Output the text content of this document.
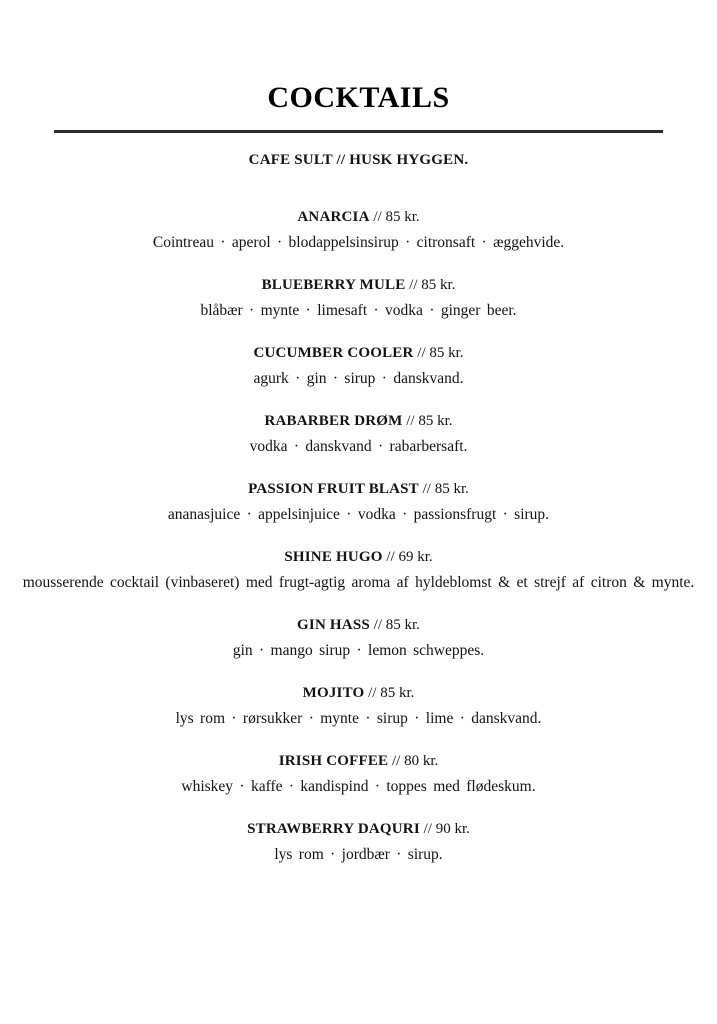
COCKTAILS
CAFE SULT // HUSK HYGGEN.
ANARCIA // 85 kr.
Cointreau · aperol · blodappelsinsirup · citronsaft · æggehvide.
BLUEBERRY MULE // 85 kr.
blåbær · mynte · limesaft · vodka · ginger beer.
CUCUMBER COOLER // 85 kr.
agurk · gin · sirup · danskvand.
RABARBER DRØM // 85 kr.
vodka · danskvand · rabarbersaft.
PASSION FRUIT BLAST // 85 kr.
ananasjuice · appelsinjuice · vodka · passionsfrugt · sirup.
SHINE HUGO // 69 kr.
mousserende cocktail (vinbaseret) med frugt-agtig aroma af hyldeblomst & et strejf af citron & mynte.
GIN HASS // 85 kr.
gin · mango sirup · lemon schweppes.
MOJITO // 85 kr.
lys rom · rørsukker · mynte · sirup · lime · danskvand.
IRISH COFFEE // 80 kr.
whiskey · kaffe · kandispind · toppes med flødeskum.
STRAWBERRY DAQURI // 90 kr.
lys rom · jordbær · sirup.
